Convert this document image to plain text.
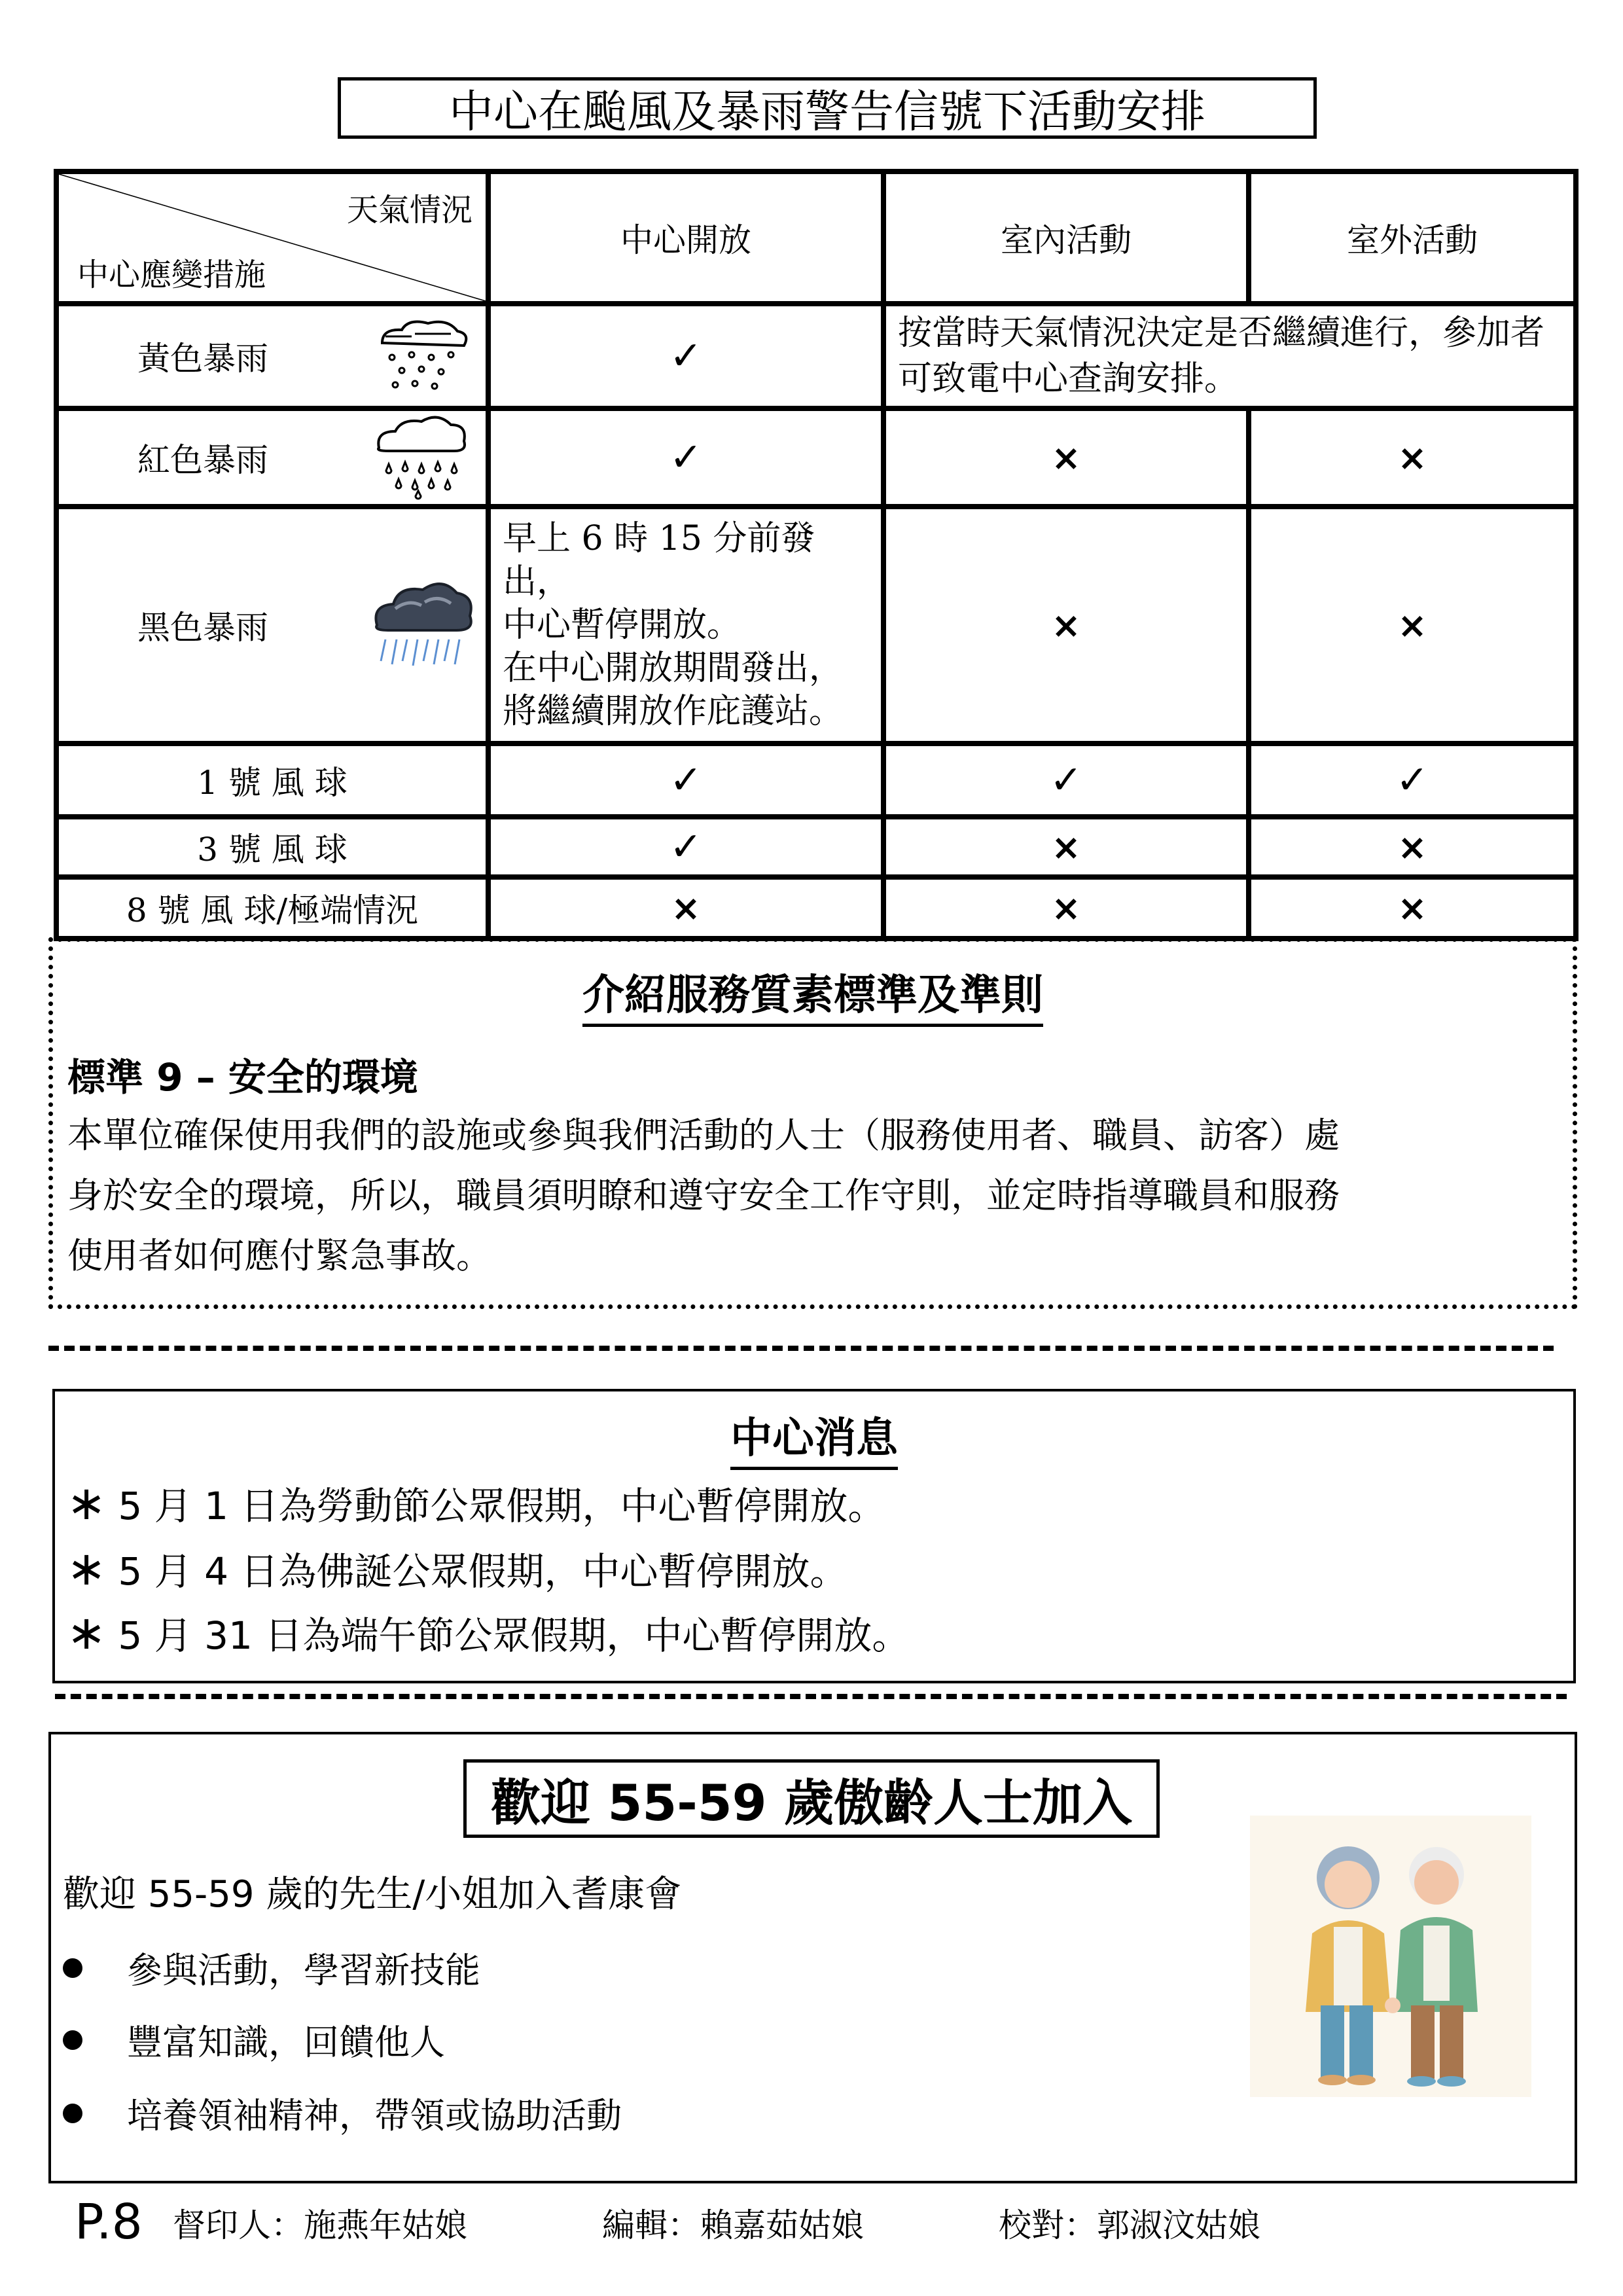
中心在颱風及暴雨警告信號下活動安排
天氣情況
中心應變措施	中心開放	室內活動	室外活動

黃色暴雨	✓	按當時天氣情況決定是否繼續進行，參加者可致電中心查詢安排。	

紅色暴雨	✓	×	×

黑色暴雨	早上 6 時 15 分前發出，
中心暫停開放。
在中心開放期間發出，
將繼續開放作庇護站。	×	×
1 號 風 球	✓	✓	✓
3 號 風 球	✓	×	×
8 號 風 球/極端情況	×	×	×
介紹服務質素標準及準則
標準 9 – 安全的環境
本單位確保使用我們的設施或參與我們活動的人士（服務使用者、職員、訪客）處
身於安全的環境，所以，職員須明瞭和遵守安全工作守則，並定時指導職員和服務
使用者如何應付緊急事故。
中心消息
∗ 5 月 1 日為勞動節公眾假期，中心暫停開放。
∗ 5 月 4 日為佛誕公眾假期，中心暫停開放。
∗ 5 月 31 日為端午節公眾假期，中心暫停開放。
歡迎 55-59 歲傲齡人士加入
歡迎 55-59 歲的先生/小姐加入耆康會
參與活動，學習新技能
豐富知識，回饋他人
培養領袖精神，帶領或協助活動
P.8 督印人：施燕年姑娘	編輯：賴嘉茹姑娘	校對：郭淑汶姑娘
